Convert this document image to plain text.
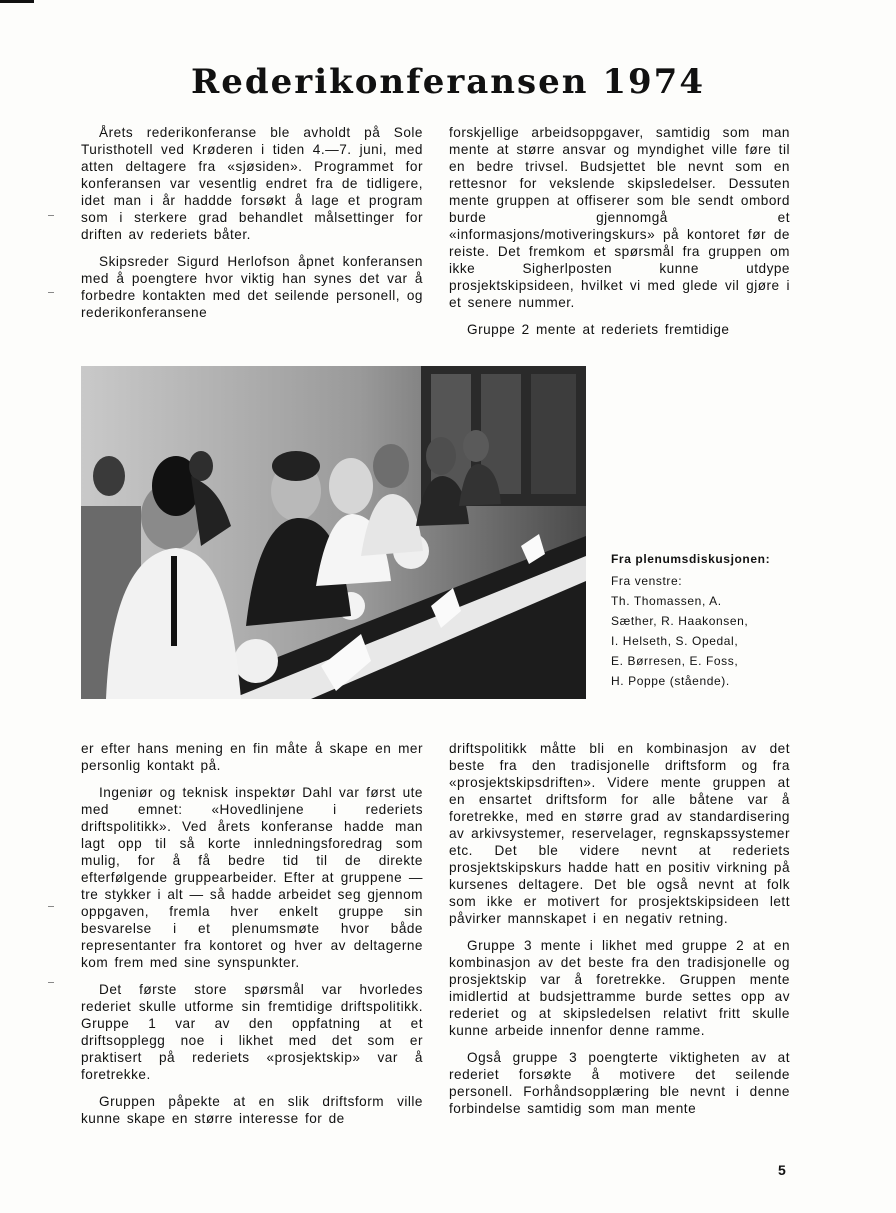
Rederikonferansen 1974

Årets rederikonferanse ble avholdt på Sole Turisthotell ved Krøderen i tiden 4.—7. juni, med atten deltagere fra «sjøsiden». Programmet for konferansen var vesentlig endret fra de tidligere, idet man i år haddde forsøkt å lage et program som i sterkere grad behandlet målsettinger for driften av rederiets båter.

Skipsreder Sigurd Herlofson åpnet konferansen med å poengtere hvor viktig han synes det var å forbedre kontakten med det seilende personell, og rederikonferansene

forskjellige arbeidsoppgaver, samtidig som man mente at større ansvar og myndighet ville føre til en bedre trivsel. Budsjettet ble nevnt som en rettesnor for vekslende skipsledelser. Dessuten mente gruppen at offiserer som ble sendt ombord burde gjennomgå et «informasjons/motiveringskurs» på kontoret før de reiste. Det fremkom et spørsmål fra gruppen om ikke Sigherlposten kunne utdype prosjektskipsideen, hvilket vi med glede vil gjøre i et senere nummer.

Gruppe 2 mente at rederiets fremtidige

Fra plenumsdiskusjonen:
Fra venstre:
Th. Thomassen, A.
Sæther, R. Haakonsen,
I. Helseth, S. Opedal,
E. Børresen, E. Foss,
H. Poppe (stående).

er efter hans mening en fin måte å skape en mer personlig kontakt på.

Ingeniør og teknisk inspektør Dahl var først ute med emnet: «Hovedlinjene i rederiets driftspolitikk». Ved årets konferanse hadde man lagt opp til så korte innledningsforedrag som mulig, for å få bedre tid til de direkte efterfølgende gruppearbeider. Efter at gruppene — tre stykker i alt — så hadde arbeidet seg gjennom oppgaven, fremla hver enkelt gruppe sin besvarelse i et plenumsmøte hvor både representanter fra kontoret og hver av deltagerne kom frem med sine synspunkter.

Det første store spørsmål var hvorledes rederiet skulle utforme sin fremtidige driftspolitikk. Gruppe 1 var av den oppfatning at et driftsopplegg noe i likhet med det som er praktisert på rederiets «prosjektskip» var å foretrekke.

Gruppen påpekte at en slik driftsform ville kunne skape en større interesse for de

driftspolitikk måtte bli en kombinasjon av det beste fra den tradisjonelle driftsform og fra «prosjektskipsdriften». Videre mente gruppen at en ensartet driftsform for alle båtene var å foretrekke, med en større grad av standardisering av arkivsystemer, reservelager, regnskapssystemer etc. Det ble videre nevnt at rederiets prosjektskipskurs hadde hatt en positiv virkning på kursenes deltagere. Det ble også nevnt at folk som ikke er motivert for prosjektskipsideen lett påvirker mannskapet i en negativ retning.

Gruppe 3 mente i likhet med gruppe 2 at en kombinasjon av det beste fra den tradisjonelle og prosjektskip var å foretrekke. Gruppen mente imidlertid at budsjettramme burde settes opp av rederiet og at skipsledelsen relativt fritt skulle kunne arbeide innenfor denne ramme.

Også gruppe 3 poengterte viktigheten av at rederiet forsøkte å motivere det seilende personell. Forhåndsopplæring ble nevnt i denne forbindelse samtidig som man mente

5
